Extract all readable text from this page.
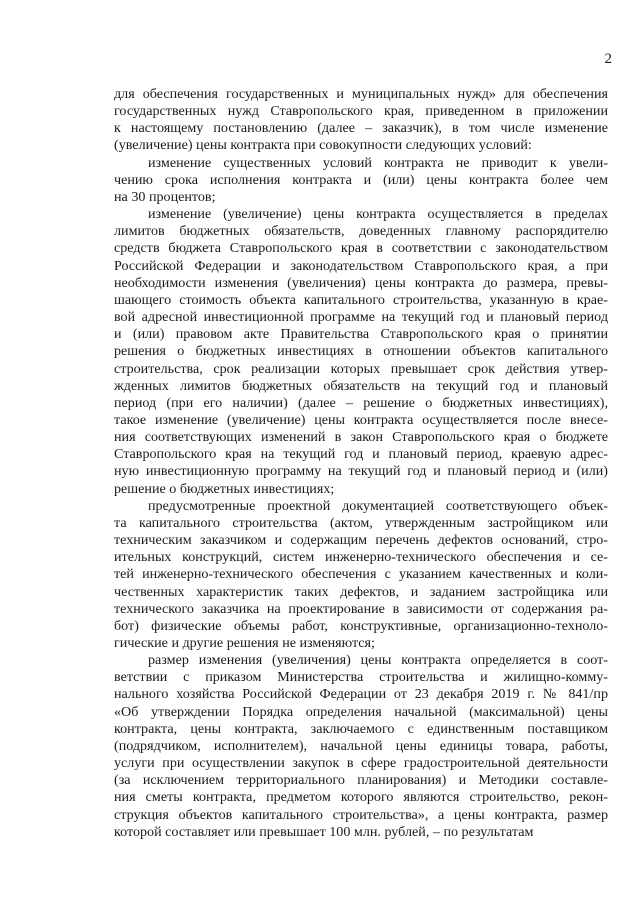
2
для обеспечения государственных и муниципальных нужд» для обеспечения
государственных нужд Ставропольского края, приведенном в приложении
к настоящему постановлению (далее – заказчик), в том числе изменение
(увеличение) цены контракта при совокупности следующих условий:
изменение существенных условий контракта не приводит к увели-
чению срока исполнения контракта и (или) цены контракта более чем
на 30 процентов;
изменение (увеличение) цены контракта осуществляется в пределах
лимитов бюджетных обязательств, доведенных главному распорядителю
средств бюджета Ставропольского края в соответствии с законодательством
Российской Федерации и законодательством Ставропольского края, а при
необходимости изменения (увеличения) цены контракта до размера, превы-
шающего стоимость объекта капитального строительства, указанную в крае-
вой адресной инвестиционной программе на текущий год и плановый период
и (или) правовом акте Правительства Ставропольского края о принятии
решения о бюджетных инвестициях в отношении объектов капитального
строительства, срок реализации которых превышает срок действия утвер-
жденных лимитов бюджетных обязательств на текущий год и плановый
период (при его наличии) (далее – решение о бюджетных инвестициях),
такое изменение (увеличение) цены контракта осуществляется после внесе-
ния соответствующих изменений в закон Ставропольского края о бюджете
Ставропольского края на текущий год и плановый период, краевую адрес-
ную инвестиционную программу на текущий год и плановый период и (или)
решение о бюджетных инвестициях;
предусмотренные проектной документацией соответствующего объек-
та капитального строительства (актом, утвержденным застройщиком или
техническим заказчиком и содержащим перечень дефектов оснований, стро-
ительных конструкций, систем инженерно-технического обеспечения и се-
тей инженерно-технического обеспечения с указанием качественных и коли-
чественных характеристик таких дефектов, и заданием застройщика или
технического заказчика на проектирование в зависимости от содержания ра-
бот) физические объемы работ, конструктивные, организационно-техноло-
гические и другие решения не изменяются;
размер изменения (увеличения) цены контракта определяется в соот-
ветствии с приказом Министерства строительства и жилищно-комму-
нального хозяйства Российской Федерации от 23 декабря 2019 г. № 841/пр
«Об утверждении Порядка определения начальной (максимальной) цены
контракта, цены контракта, заключаемого с единственным поставщиком
(подрядчиком, исполнителем), начальной цены единицы товара, работы,
услуги при осуществлении закупок в сфере градостроительной деятельности
(за исключением территориального планирования) и Методики составле-
ния сметы контракта, предметом которого являются строительство, рекон-
струкция объектов капитального строительства», а цены контракта, размер
которой составляет или превышает 100 млн. рублей, – по результатам
